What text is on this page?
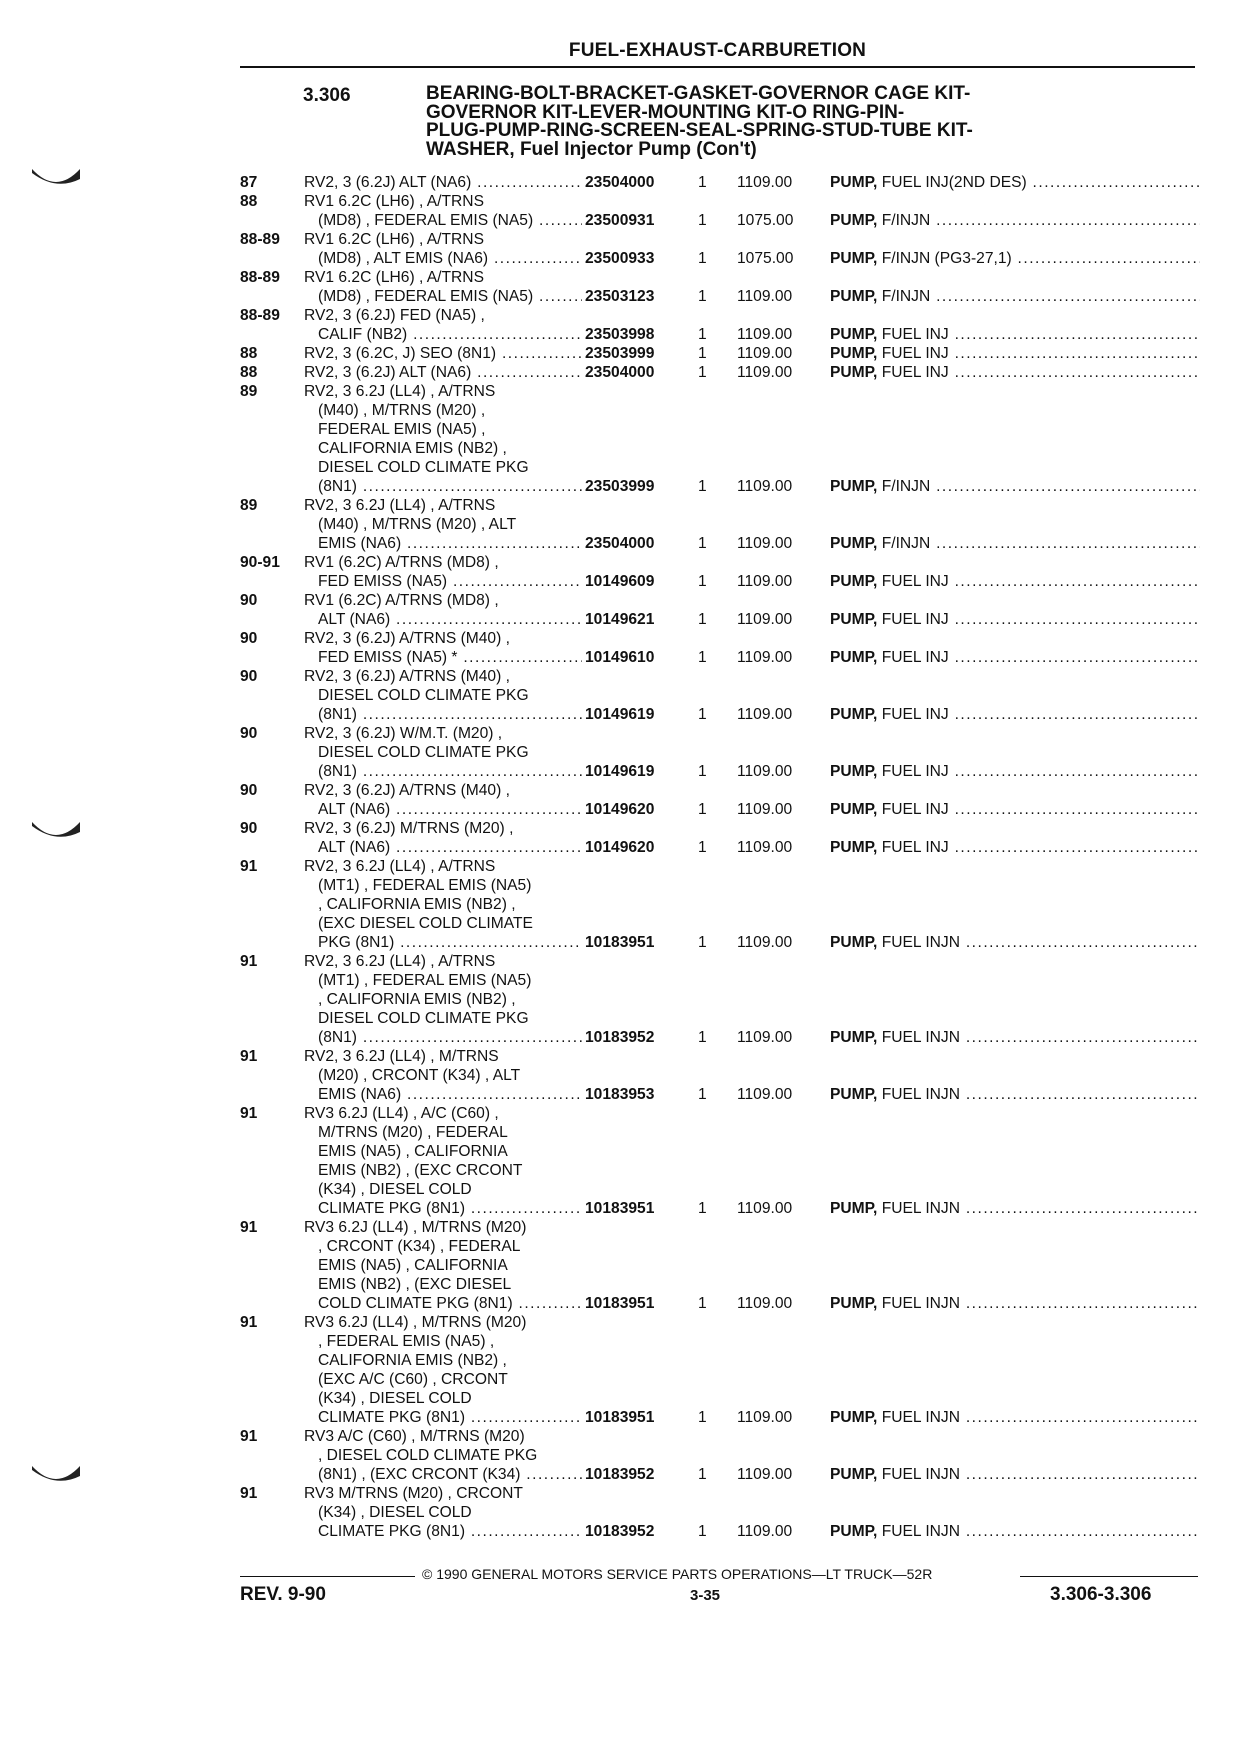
FUEL-EXHAUST-CARBURETION
3.306	BEARING-BOLT-BRACKET-GASKET-GOVERNOR CAGE KIT-
GOVERNOR KIT-LEVER-MOUNTING KIT-O RING-PIN-
PLUG-PUMP-RING-SCREEN-SEAL-SPRING-STUD-TUBE KIT-
WASHER, Fuel Injector Pump (Con't)
87	RV2, 3 (6.2J) ALT (NA6) .....	23504000	1 1109.00 PUMP, FUEL INJ(2ND DES) .....
88	RV1 6.2C (LH6) , A/TRNS
(MD8) , FEDERAL EMIS (NA5) .....	23500931	1 1075.00 PUMP, F/INJN .....
88-89 RV1 6.2C (LH6) , A/TRNS
(MD8) , ALT EMIS (NA6) .....	23500933	1 1075.00 PUMP, F/INJN (PG3-27,1) .....
88-89 RV1 6.2C (LH6) , A/TRNS
(MD8) , FEDERAL EMIS (NA5) .....	23503123	1 1109.00 PUMP, F/INJN .....
88-89 RV2, 3 (6.2J) FED (NA5) ,
CALIF (NB2) .....	23503998	1 1109.00 PUMP, FUEL INJ .....
88	RV2, 3 (6.2C, J) SEO (8N1) .....	23503999	1 1109.00 PUMP, FUEL INJ .....
88	RV2, 3 (6.2J) ALT (NA6) .....	23504000	1 1109.00 PUMP, FUEL INJ .....
89	RV2, 3 6.2J (LL4) , A/TRNS
(M40) , M/TRNS (M20) ,
FEDERAL EMIS (NA5) ,
CALIFORNIA EMIS (NB2) ,
DIESEL COLD CLIMATE PKG
(8N1) .....	23503999	1 1109.00 PUMP, F/INJN .....
89	RV2, 3 6.2J (LL4) , A/TRNS
(M40) , M/TRNS (M20) , ALT
EMIS (NA6) .....	23504000	1 1109.00 PUMP, F/INJN .....
90-91 RV1 (6.2C) A/TRNS (MD8) ,
FED EMISS (NA5) .....	10149609	1 1109.00 PUMP, FUEL INJ .....
90	RV1 (6.2C) A/TRNS (MD8) ,
ALT (NA6) .....	10149621	1 1109.00 PUMP, FUEL INJ .....
90	RV2, 3 (6.2J) A/TRNS (M40) ,
FED EMISS (NA5) * .....	10149610	1 1109.00 PUMP, FUEL INJ .....
90	RV2, 3 (6.2J) A/TRNS (M40) ,
DIESEL COLD CLIMATE PKG
(8N1) .....	10149619	1 1109.00 PUMP, FUEL INJ .....
90	RV2, 3 (6.2J) W/M.T. (M20) ,
DIESEL COLD CLIMATE PKG
(8N1) .....	10149619	1 1109.00 PUMP, FUEL INJ .....
90	RV2, 3 (6.2J) A/TRNS (M40) ,
ALT (NA6) .....	10149620	1 1109.00 PUMP, FUEL INJ .....
90	RV2, 3 (6.2J) M/TRNS (M20) ,
ALT (NA6) .....	10149620	1 1109.00 PUMP, FUEL INJ .....
91	RV2, 3 6.2J (LL4) , A/TRNS
(MT1) , FEDERAL EMIS (NA5)
, CALIFORNIA EMIS (NB2) ,
(EXC DIESEL COLD CLIMATE
PKG (8N1) .....	10183951	1 1109.00 PUMP, FUEL INJN .....
91	RV2, 3 6.2J (LL4) , A/TRNS
(MT1) , FEDERAL EMIS (NA5)
, CALIFORNIA EMIS (NB2) ,
DIESEL COLD CLIMATE PKG
(8N1) .....	10183952	1 1109.00 PUMP, FUEL INJN .....
91	RV2, 3 6.2J (LL4) , M/TRNS
(M20) , CRCONT (K34) , ALT
EMIS (NA6) .....	10183953	1 1109.00 PUMP, FUEL INJN .....
91	RV3 6.2J (LL4) , A/C (C60) ,
M/TRNS (M20) , FEDERAL
EMIS (NA5) , CALIFORNIA
EMIS (NB2) , (EXC CRCONT
(K34) , DIESEL COLD
CLIMATE PKG (8N1) .....	10183951	1 1109.00 PUMP, FUEL INJN .....
91	RV3 6.2J (LL4) , M/TRNS (M20)
, CRCONT (K34) , FEDERAL
EMIS (NA5) , CALIFORNIA
EMIS (NB2) , (EXC DIESEL
COLD CLIMATE PKG (8N1) .....	10183951	1 1109.00 PUMP, FUEL INJN .....
91	RV3 6.2J (LL4) , M/TRNS (M20)
, FEDERAL EMIS (NA5) ,
CALIFORNIA EMIS (NB2) ,
(EXC A/C (C60) , CRCONT
(K34) , DIESEL COLD
CLIMATE PKG (8N1) .....	10183951	1 1109.00 PUMP, FUEL INJN .....
91	RV3 A/C (C60) , M/TRNS (M20)
, DIESEL COLD CLIMATE PKG
(8N1) , (EXC CRCONT (K34) .....	10183952	1 1109.00 PUMP, FUEL INJN .....
91	RV3 M/TRNS (M20) , CRCONT
(K34) , DIESEL COLD
CLIMATE PKG (8N1) .....	10183952	1 1109.00 PUMP, FUEL INJN .....
© 1990 GENERAL MOTORS SERVICE PARTS OPERATIONS—LT TRUCK—52R
REV. 9-90	3-35	3.306-3.306
